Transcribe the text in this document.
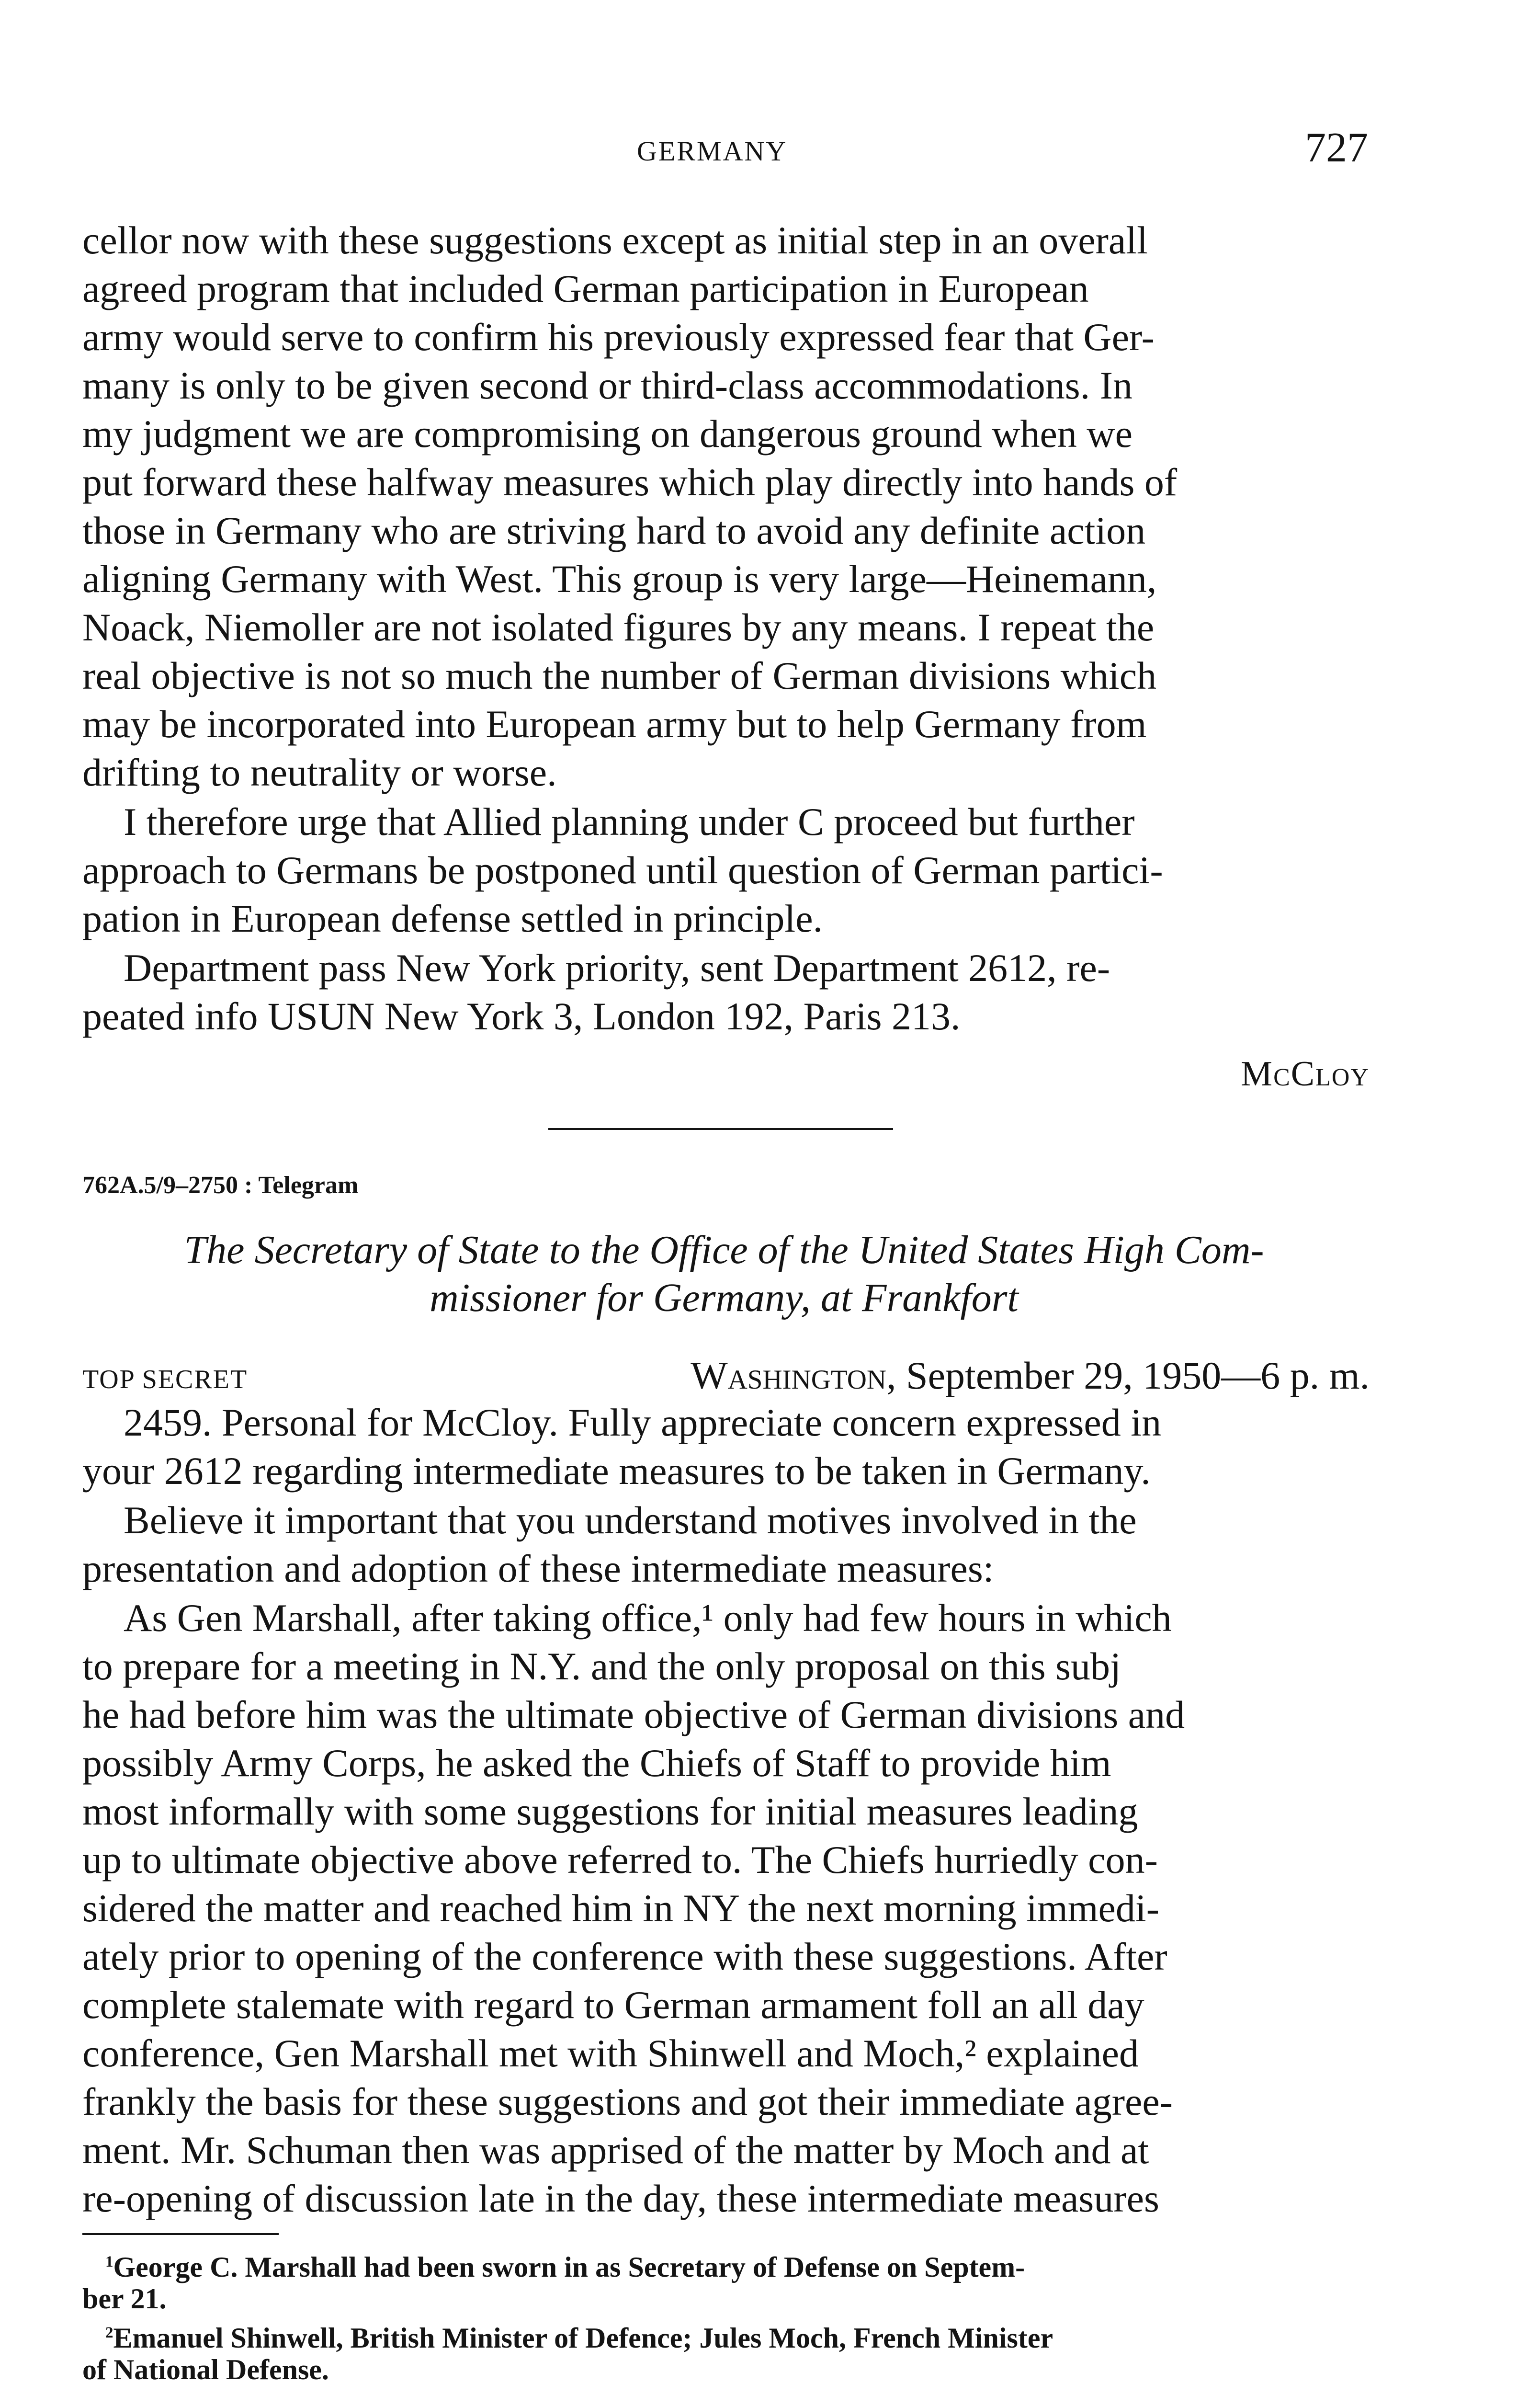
GERMANY	727
cellor now with these suggestions except as initial step in an overall
agreed program that included German participation in European
army would serve to confirm his previously expressed fear that Ger-
many is only to be given second or third-class accommodations. In
my judgment we are compromising on dangerous ground when we
put forward these halfway measures which play directly into hands of
those in Germany who are striving hard to avoid any definite action
aligning Germany with West. This group is very large—Heinemann,
Noack, Niemoller are not isolated figures by any means. I repeat the
real objective is not so much the number of German divisions which
may be incorporated into European army but to help Germany from
drifting to neutrality or worse.
I therefore urge that Allied planning under C proceed but further
approach to Germans be postponed until question of German partici-
pation in European defense settled in principle.
Department pass New York priority, sent Department 2612, re-
peated info USUN New York 3, London 192, Paris 213.
McCloy
762A.5/9–2750 : Telegram
The Secretary of State to the Office of the United States High Com-
missioner for Germany, at Frankfort
TOP SECRET	Washington, September 29, 1950—6 p. m.
2459. Personal for McCloy. Fully appreciate concern expressed in
your 2612 regarding intermediate measures to be taken in Germany.
Believe it important that you understand motives involved in the
presentation and adoption of these intermediate measures:
As Gen Marshall, after taking office,¹ only had few hours in which
to prepare for a meeting in N.Y. and the only proposal on this subj
he had before him was the ultimate objective of German divisions and
possibly Army Corps, he asked the Chiefs of Staff to provide him
most informally with some suggestions for initial measures leading
up to ultimate objective above referred to. The Chiefs hurriedly con-
sidered the matter and reached him in NY the next morning immedi-
ately prior to opening of the conference with these suggestions. After
complete stalemate with regard to German armament foll an all day
conference, Gen Marshall met with Shinwell and Moch,² explained
frankly the basis for these suggestions and got their immediate agree-
ment. Mr. Schuman then was apprised of the matter by Moch and at
re-opening of discussion late in the day, these intermediate measures
$^1$George C. Marshall had been sworn in as Secretary of Defense on Septem-
ber 21.
$^2$Emanuel Shinwell, British Minister of Defence; Jules Moch, French Minister
of National Defense.
